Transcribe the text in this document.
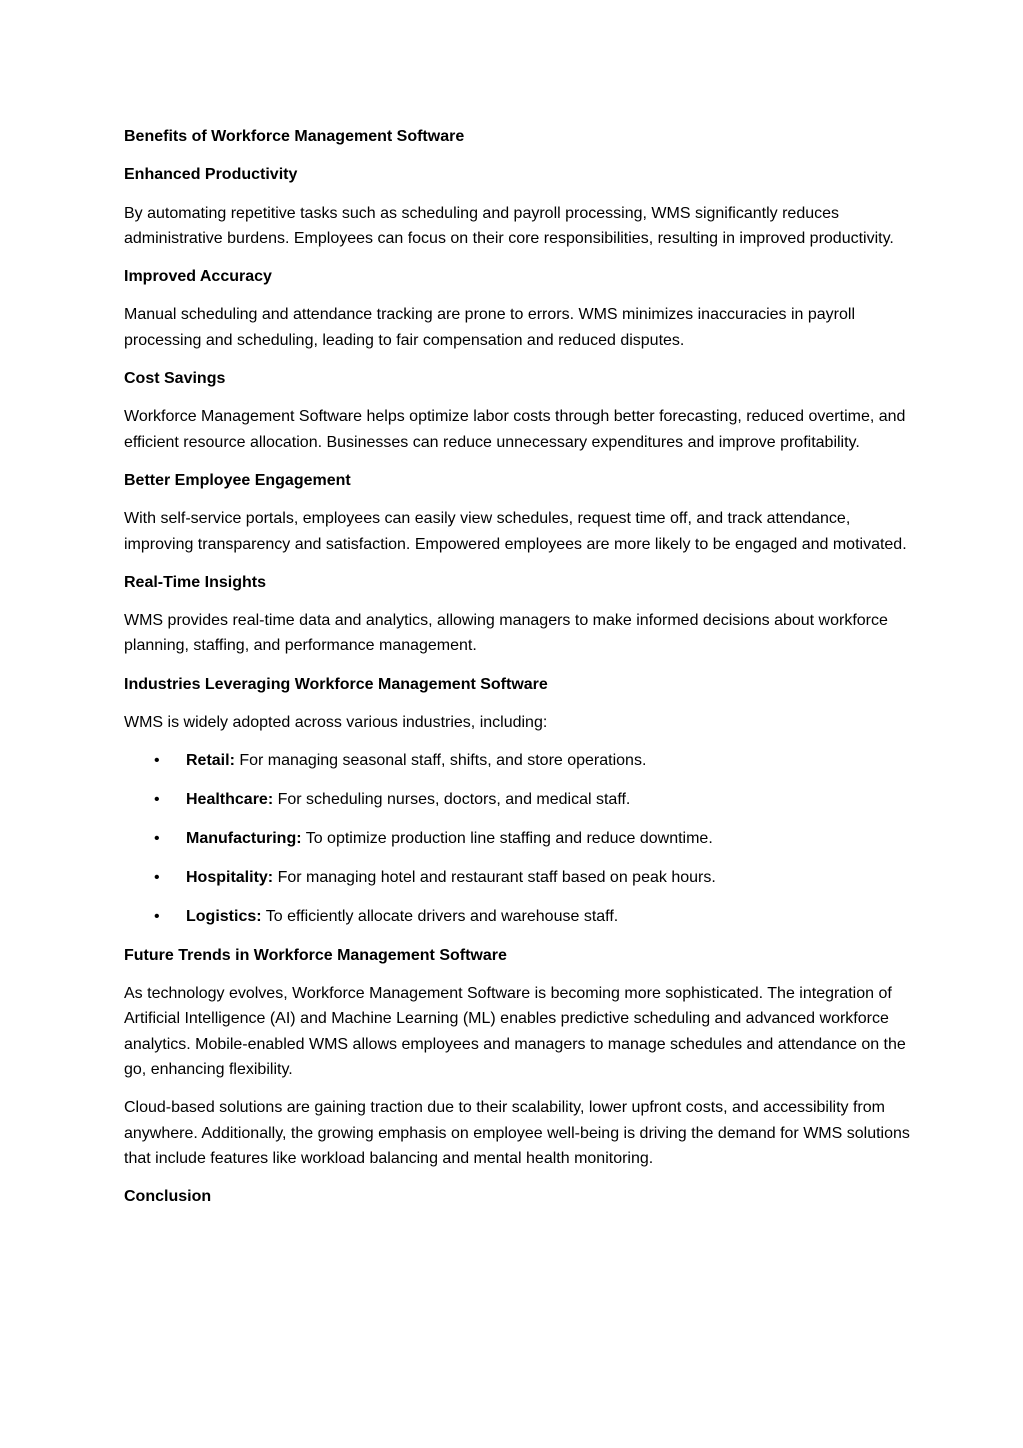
Benefits of Workforce Management Software
Enhanced Productivity

By automating repetitive tasks such as scheduling and payroll processing, WMS significantly reduces administrative burdens. Employees can focus on their core responsibilities, resulting in improved productivity.

Improved Accuracy

Manual scheduling and attendance tracking are prone to errors. WMS minimizes inaccuracies in payroll processing and scheduling, leading to fair compensation and reduced disputes.

Cost Savings

Workforce Management Software helps optimize labor costs through better forecasting, reduced overtime, and efficient resource allocation. Businesses can reduce unnecessary expenditures and improve profitability.

Better Employee Engagement

With self-service portals, employees can easily view schedules, request time off, and track attendance, improving transparency and satisfaction. Empowered employees are more likely to be engaged and motivated.

Real-Time Insights

WMS provides real-time data and analytics, allowing managers to make informed decisions about workforce planning, staffing, and performance management.

Industries Leveraging Workforce Management Software

WMS is widely adopted across various industries, including:

• Retail: For managing seasonal staff, shifts, and store operations.
• Healthcare: For scheduling nurses, doctors, and medical staff.
• Manufacturing: To optimize production line staffing and reduce downtime.
• Hospitality: For managing hotel and restaurant staff based on peak hours.
• Logistics: To efficiently allocate drivers and warehouse staff.
Future Trends in Workforce Management Software

As technology evolves, Workforce Management Software is becoming more sophisticated. The integration of Artificial Intelligence (AI) and Machine Learning (ML) enables predictive scheduling and advanced workforce analytics. Mobile-enabled WMS allows employees and managers to manage schedules and attendance on the go, enhancing flexibility.

Cloud-based solutions are gaining traction due to their scalability, lower upfront costs, and accessibility from anywhere. Additionally, the growing emphasis on employee well-being is driving the demand for WMS solutions that include features like workload balancing and mental health monitoring.

Conclusion
